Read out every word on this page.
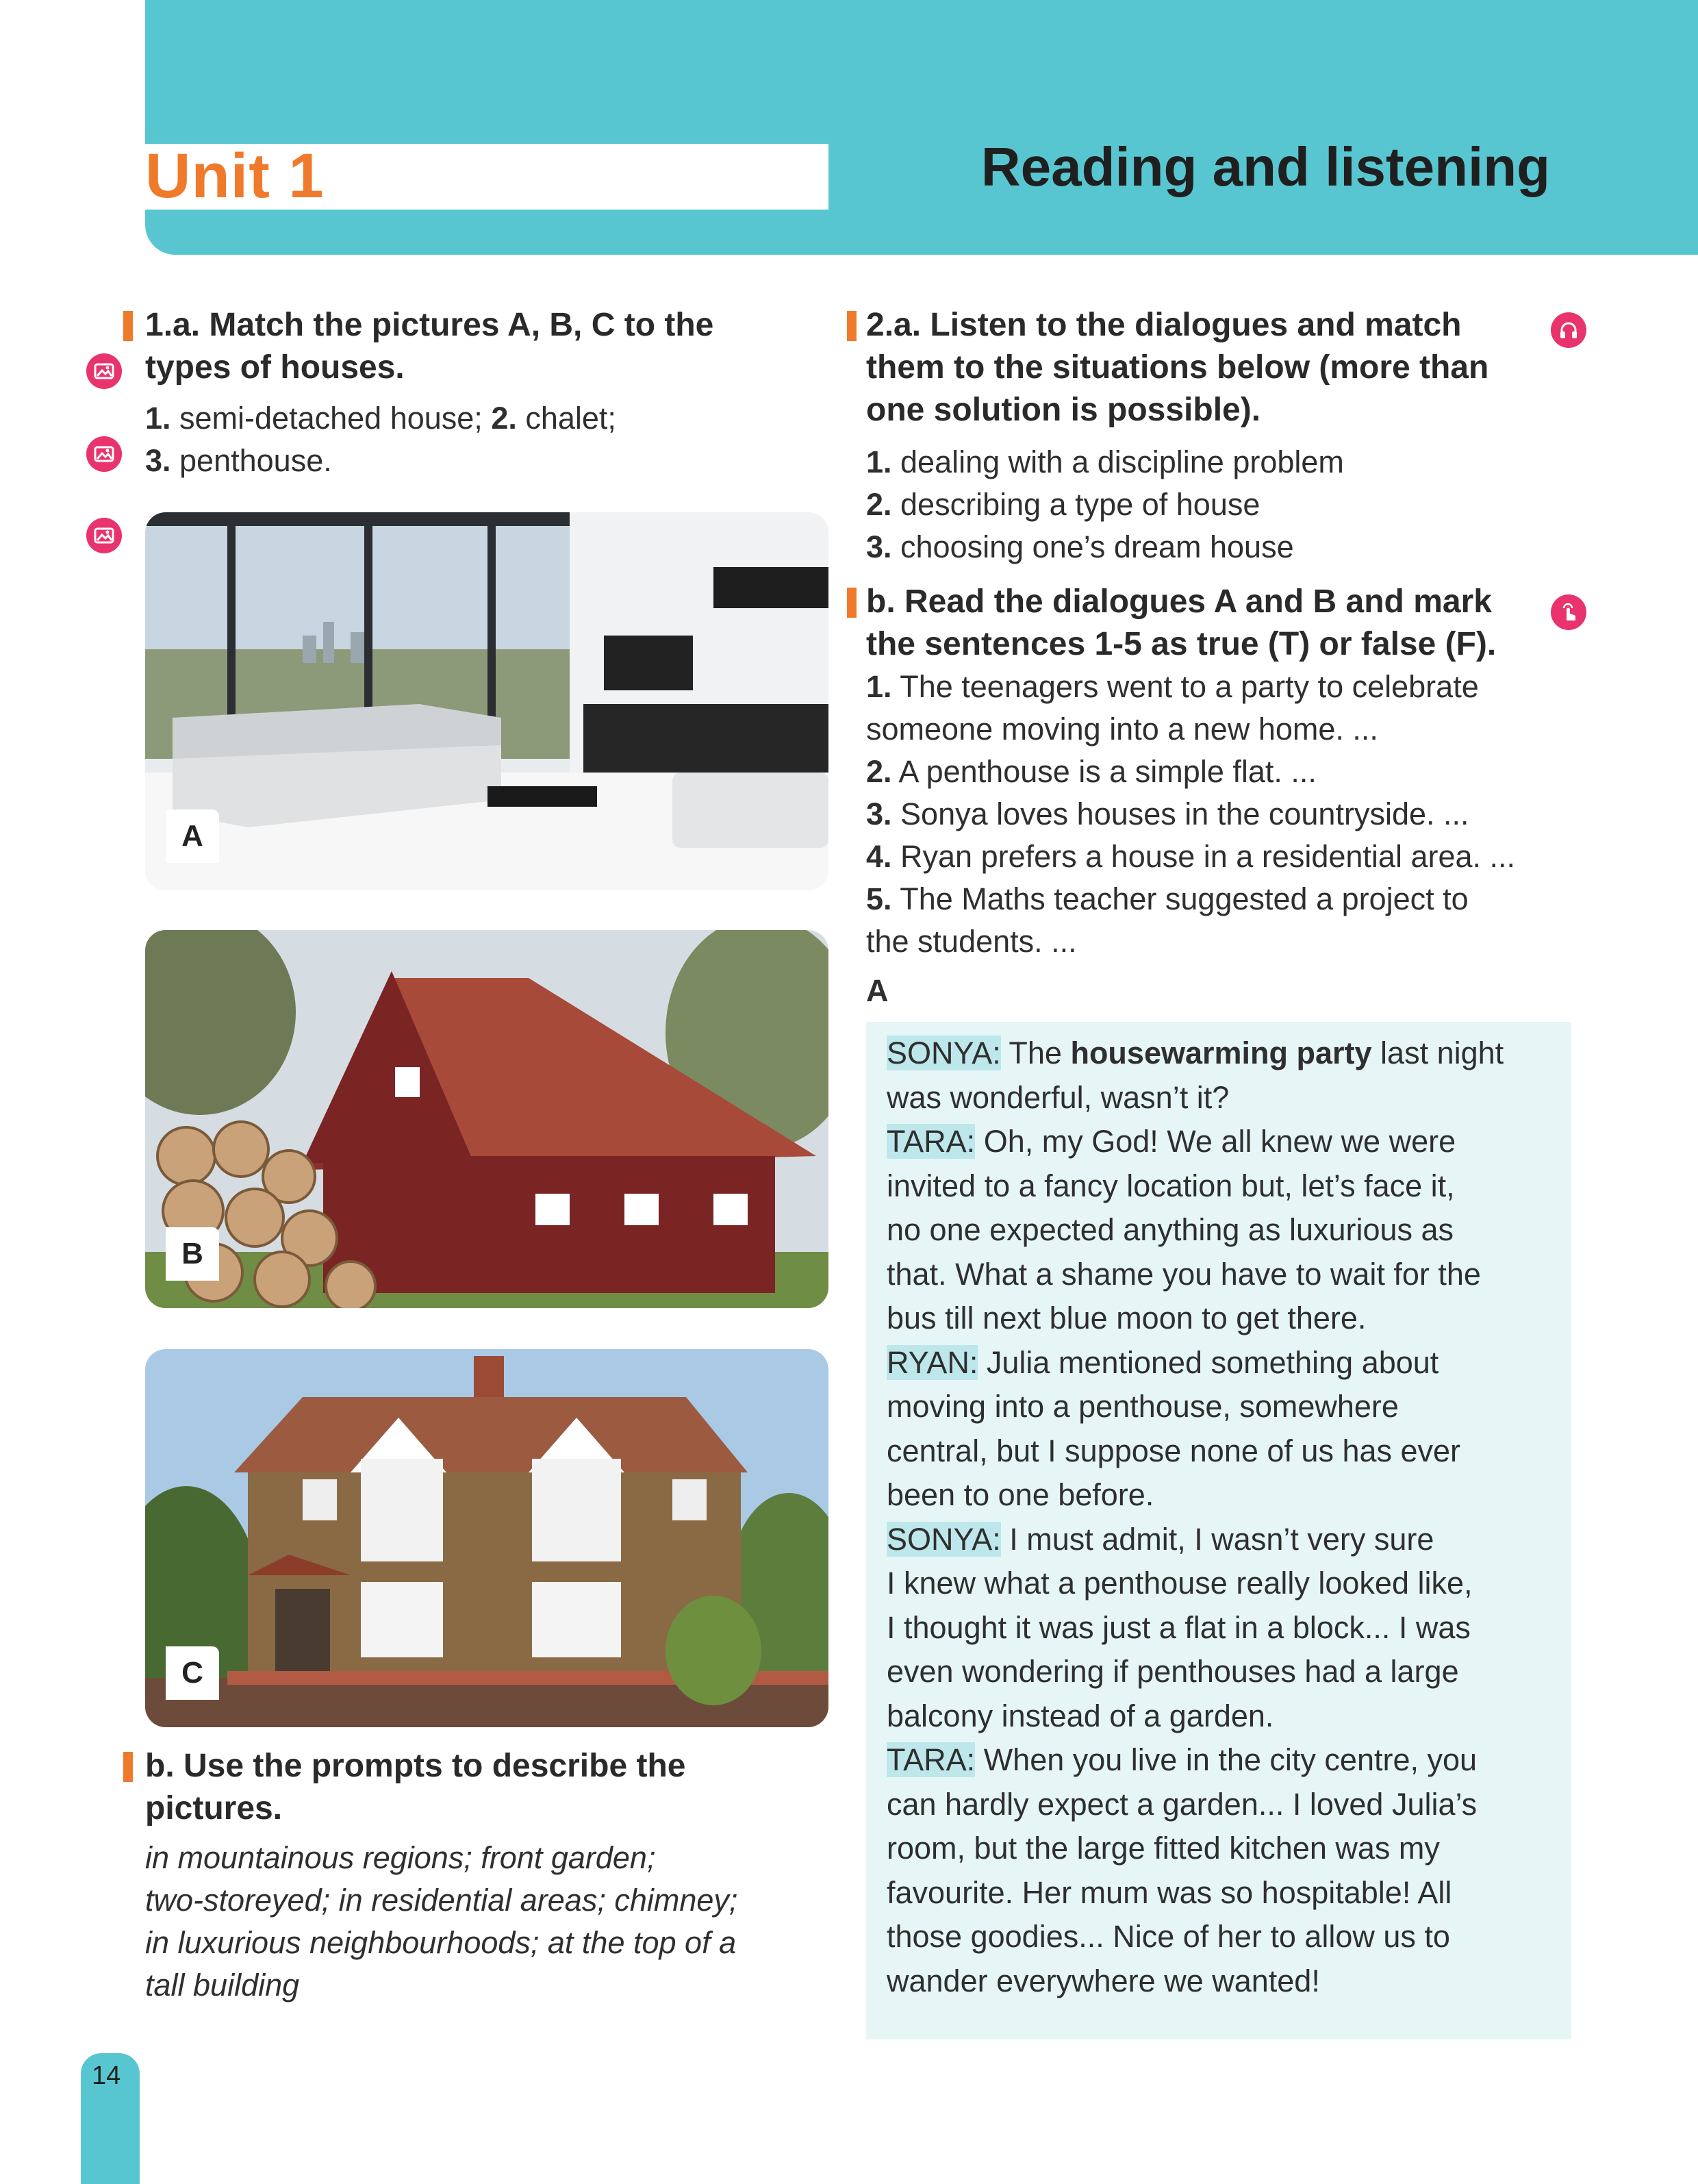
Unit 1	Reading and listening
1.a. Match the pictures A, B, C to the
types of houses.
1. semi-detached house; 2. chalet;
3. penthouse.
A
B
C
b. Use the prompts to describe the
pictures.
in mountainous regions; front garden;
two-storeyed; in residential areas; chimney;
in luxurious neighbourhoods; at the top of a
tall building
2.a. Listen to the dialogues and match
them to the situations below (more than
one solution is possible).
1. dealing with a discipline problem
2. describing a type of house
3. choosing one’s dream house
b. Read the dialogues A and B and mark
the sentences 1-5 as true (T) or false (F).
1. The teenagers went to a party to celebrate
someone moving into a new home. ...
2. A penthouse is a simple flat. ...
3. Sonya loves houses in the countryside. ...
4. Ryan prefers a house in a residential area. ...
5. The Maths teacher suggested a project to
the students. ...
A
SONYA: The housewarming party last night
was wonderful, wasn’t it?
TARA: Oh, my God! We all knew we were
invited to a fancy location but, let’s face it,
no one expected anything as luxurious as
that. What a shame you have to wait for the
bus till next blue moon to get there.
RYAN: Julia mentioned something about
moving into a penthouse, somewhere
central, but I suppose none of us has ever
been to one before.
SONYA: I must admit, I wasn’t very sure
I knew what a penthouse really looked like,
I thought it was just a flat in a block... I was
even wondering if penthouses had a large
balcony instead of a garden.
TARA: When you live in the city centre, you
can hardly expect a garden... I loved Julia’s
room, but the large fitted kitchen was my
favourite. Her mum was so hospitable! All
those goodies... Nice of her to allow us to
wander everywhere we wanted!
14
